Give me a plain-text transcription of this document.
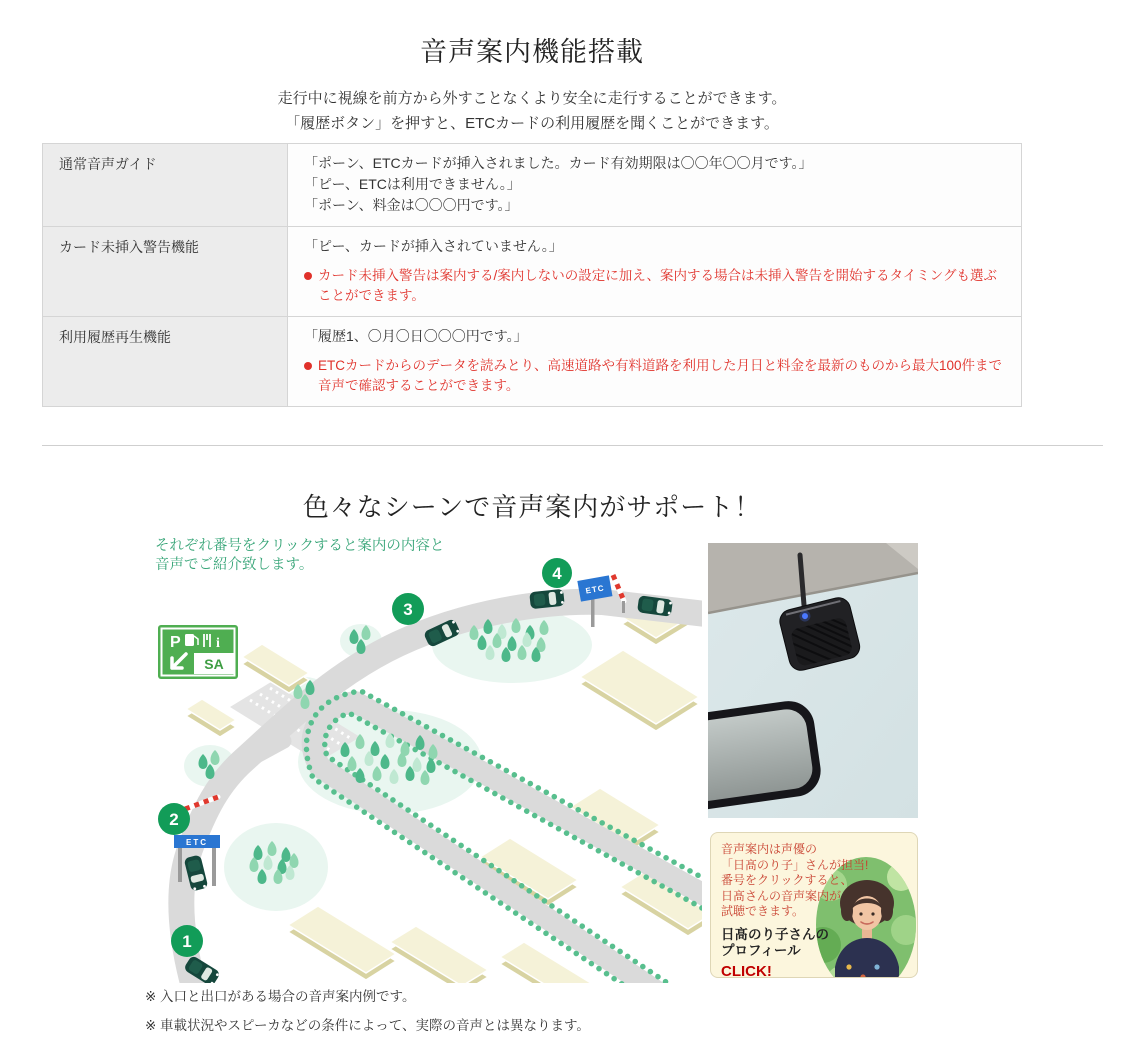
音声案内機能搭載
走行中に視線を前方から外すことなくより安全に走行することができます。
「履歴ボタン」を押すと、ETCカードの利用履歴を聞くことができます。
通常音声ガイド	「ポーン、ETCカードが挿入されました。カード有効期限は〇〇年〇〇月です。」
「ピー、ETCは利用できません。」
「ポーン、料金は〇〇〇円です。」
カード未挿入警告機能	「ピー、カードが挿入されていません。」
カード未挿入警告は案内する/案内しないの設定に加え、案内する場合は未挿入警告を開始するタイミングも選ぶことができます。
利用履歴再生機能	「履歴1、〇月〇日〇〇〇円です。」
ETCカードからのデータを読みとり、高速道路や有料道路を利用した月日と料金を最新のものから最大100件まで音声で確認することができます。
色々なシーンで音声案内がサポート！
それぞれ番号をクリックすると案内の内容と
音声でご紹介致します。
P	i
SA
ETC
ETC
1
2
3
4
音声案内は声優の
「日髙のり子」さんが担当!
番号をクリックすると、
日髙さんの音声案内が
試聴できます。
日髙のり子さんの
プロフィール
CLICK!
※ 入口と出口がある場合の音声案内例です。
※ 車載状況やスピーカなどの条件によって、実際の音声とは異なります。
